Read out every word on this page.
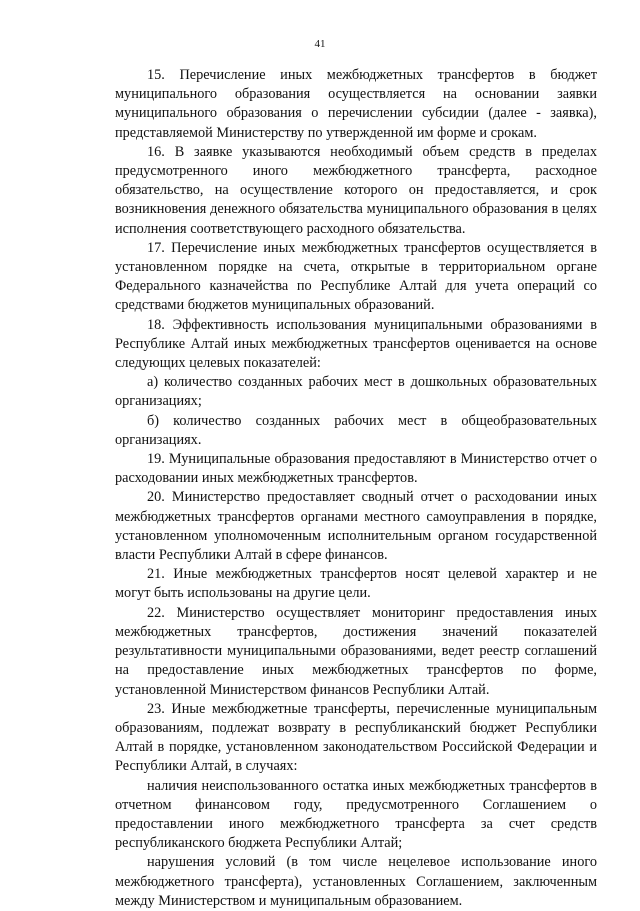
41

15. Перечисление иных межбюджетных трансфертов в бюджет муниципального образования осуществляется на основании заявки муниципального образования о перечислении субсидии (далее - заявка), представляемой Министерству по утвержденной им форме и срокам.

16. В заявке указываются необходимый объем средств в пределах предусмотренного иного межбюджетного трансферта, расходное обязательство, на осуществление которого он предоставляется, и срок возникновения денежного обязательства муниципального образования в целях исполнения соответствующего расходного обязательства.

17. Перечисление иных межбюджетных трансфертов осуществляется в установленном порядке на счета, открытые в территориальном органе Федерального казначейства по Республике Алтай для учета операций со средствами бюджетов муниципальных образований.

18. Эффективность использования муниципальными образованиями в Республике Алтай иных межбюджетных трансфертов оценивается на основе следующих целевых показателей:

а) количество созданных рабочих мест в дошкольных образовательных организациях;

б) количество созданных рабочих мест в общеобразовательных организациях.

19. Муниципальные образования предоставляют в Министерство отчет о расходовании иных межбюджетных трансфертов.

20. Министерство предоставляет сводный отчет о расходовании иных межбюджетных трансфертов органами местного самоуправления в порядке, установленном уполномоченным исполнительным органом государственной власти Республики Алтай в сфере финансов.

21. Иные межбюджетных трансфертов носят целевой характер и не могут быть использованы на другие цели.

22. Министерство осуществляет мониторинг предоставления иных межбюджетных трансфертов, достижения значений показателей результативности муниципальными образованиями, ведет реестр соглашений на предоставление иных межбюджетных трансфертов по форме, установленной Министерством финансов Республики Алтай.

23. Иные межбюджетные трансферты, перечисленные муниципальным образованиям, подлежат возврату в республиканский бюджет Республики Алтай в порядке, установленном законодательством Российской Федерации и Республики Алтай, в случаях:

наличия неиспользованного остатка иных межбюджетных трансфертов в отчетном финансовом году, предусмотренного Соглашением о предоставлении иного межбюджетного трансферта за счет средств республиканского бюджета Республики Алтай;

нарушения условий (в том числе нецелевое использование иного межбюджетного трансферта), установленных Соглашением, заключенным между Министерством и муниципальным образованием.
